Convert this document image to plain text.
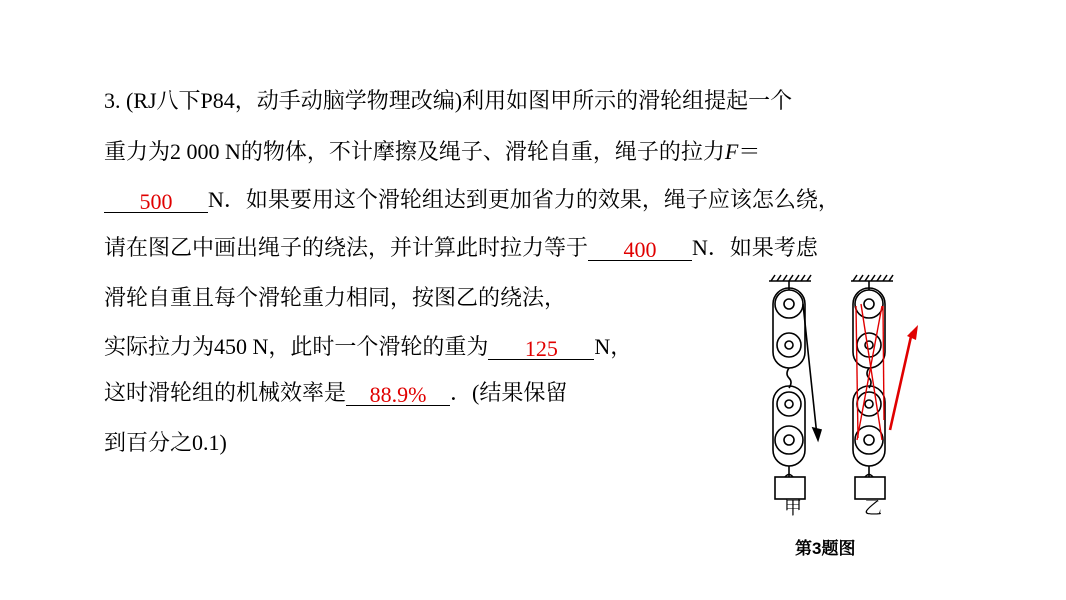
3. (RJ八下P84，动手动脑学物理改编)利用如图甲所示的滑轮组提起一个
重力为2 000 N的物体，不计摩擦及绳子、滑轮自重，绳子的拉力F＝
500 N．如果要用这个滑轮组达到更加省力的效果，绳子应该怎么绕，
请在图乙中画出绳子的绕法，并计算此时拉力等于 400 N．如果考虑
滑轮自重且每个滑轮重力相同，按图乙的绕法，
实际拉力为450 N，此时一个滑轮的重为 125 N，
这时滑轮组的机械效率是 88.9% ．(结果保留
到百分之0.1)
甲	乙
第3题图
